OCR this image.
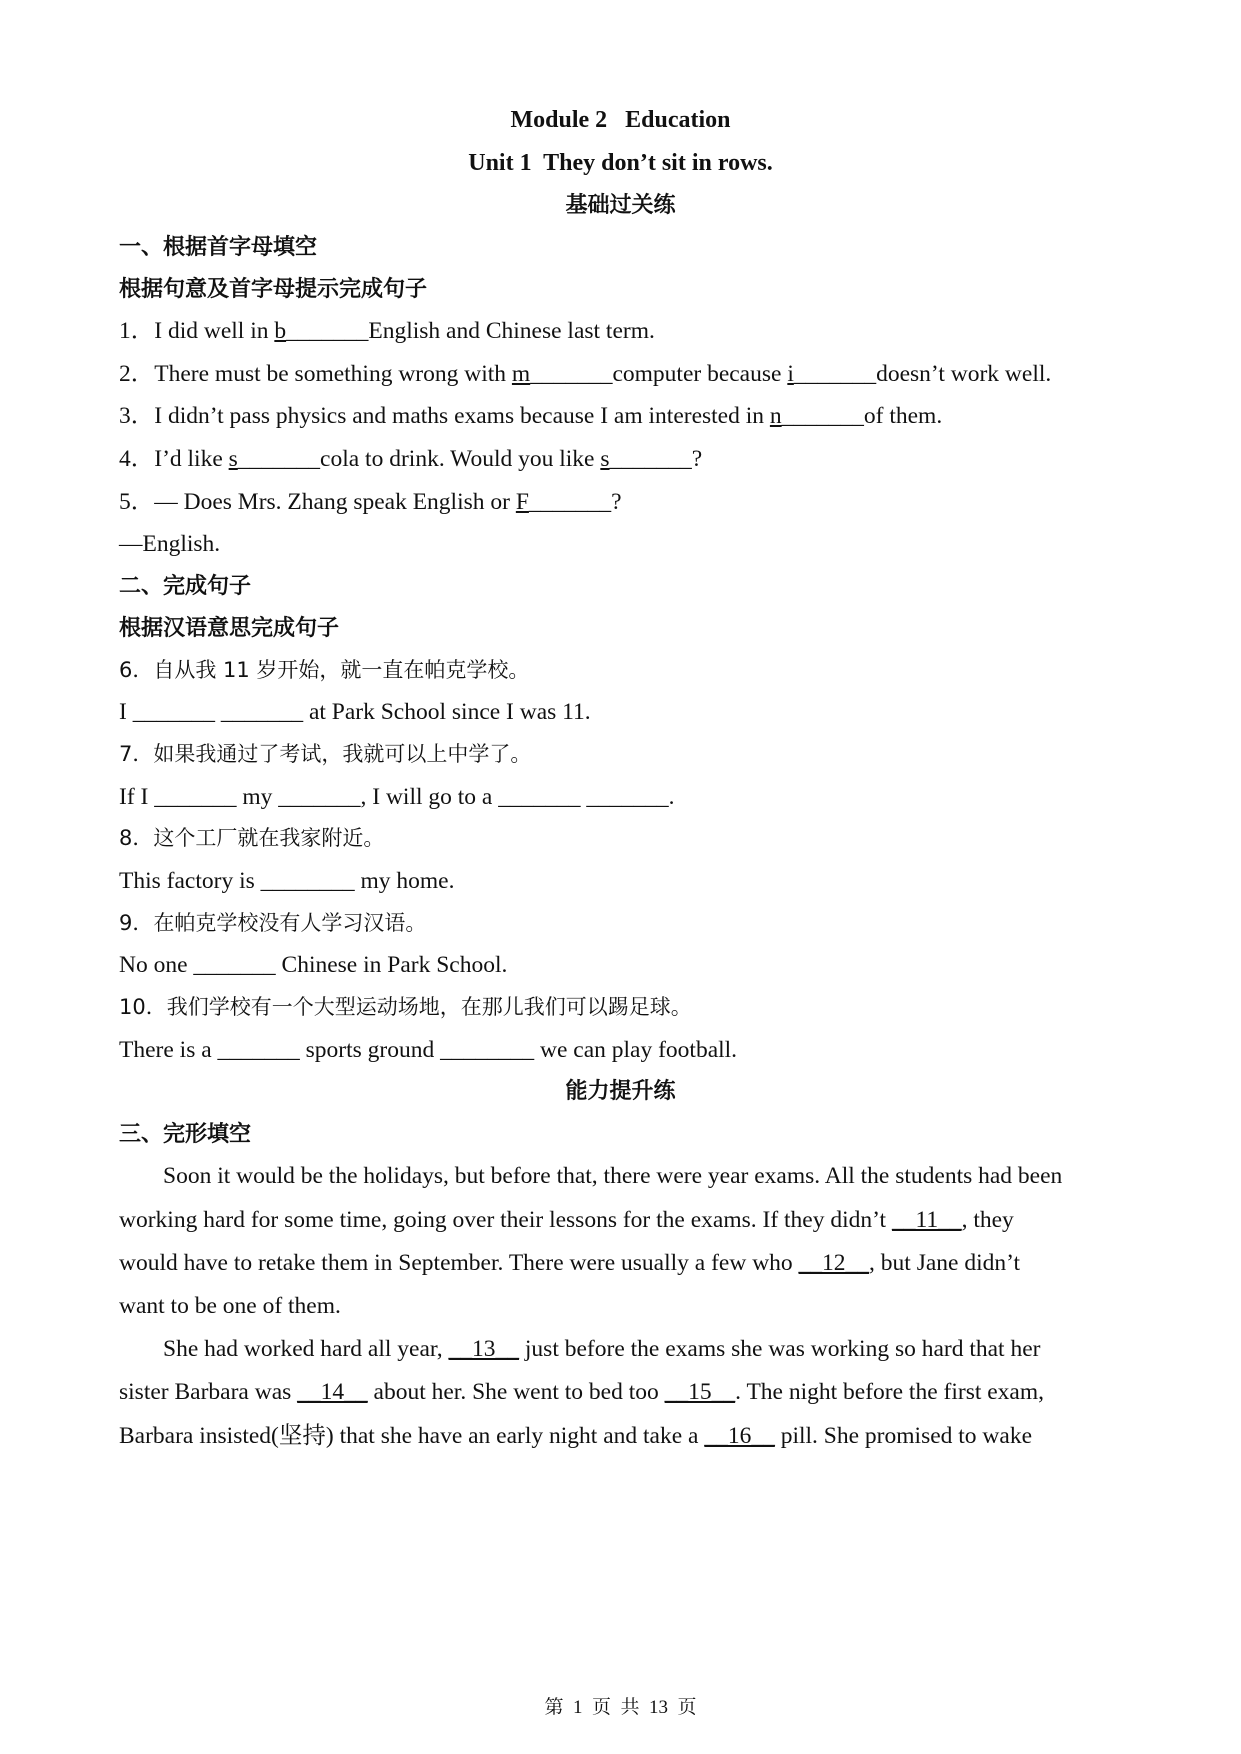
Module 2   Education
Unit 1  They don’t sit in rows.
基础过关练
一、根据首字母填空
根据句意及首字母提示完成句子
1．I did well in b_______English and Chinese last term.
2．There must be something wrong with m_______computer because i_______doesn’t work well.
3．I didn’t pass physics and maths exams because I am interested in n_______of them.
4．I’d like s_______cola to drink. Would you like s_______?
5．— Does Mrs. Zhang speak English or F_______?
—English.
二、完成句子
根据汉语意思完成句子
6．自从我 11 岁开始，就一直在帕克学校。
I _______ _______ at Park School since I was 11.
7．如果我通过了考试，我就可以上中学了。
If I _______ my _______, I will go to a _______ _______.
8．这个工厂就在我家附近。
This factory is ________ my home.
9．在帕克学校没有人学习汉语。
No one _______ Chinese in Park School.
10．我们学校有一个大型运动场地，在那儿我们可以踢足球。
There is a _______ sports ground ________ we can play football.
能力提升练
三、完形填空
Soon it would be the holidays, but before that, there were year exams. All the students had been
working hard for some time, going over their lessons for the exams. If they didn’t __11__, they
would have to retake them in September. There were usually a few who __12__, but Jane didn’t
want to be one of them.
She had worked hard all year, __13__ just before the exams she was working so hard that her
sister Barbara was __14__ about her. She went to bed too __15__. The night before the first exam,
Barbara insisted(坚持) that she have an early night and take a __16__ pill. She promised to wake
第  1  页  共  13  页
